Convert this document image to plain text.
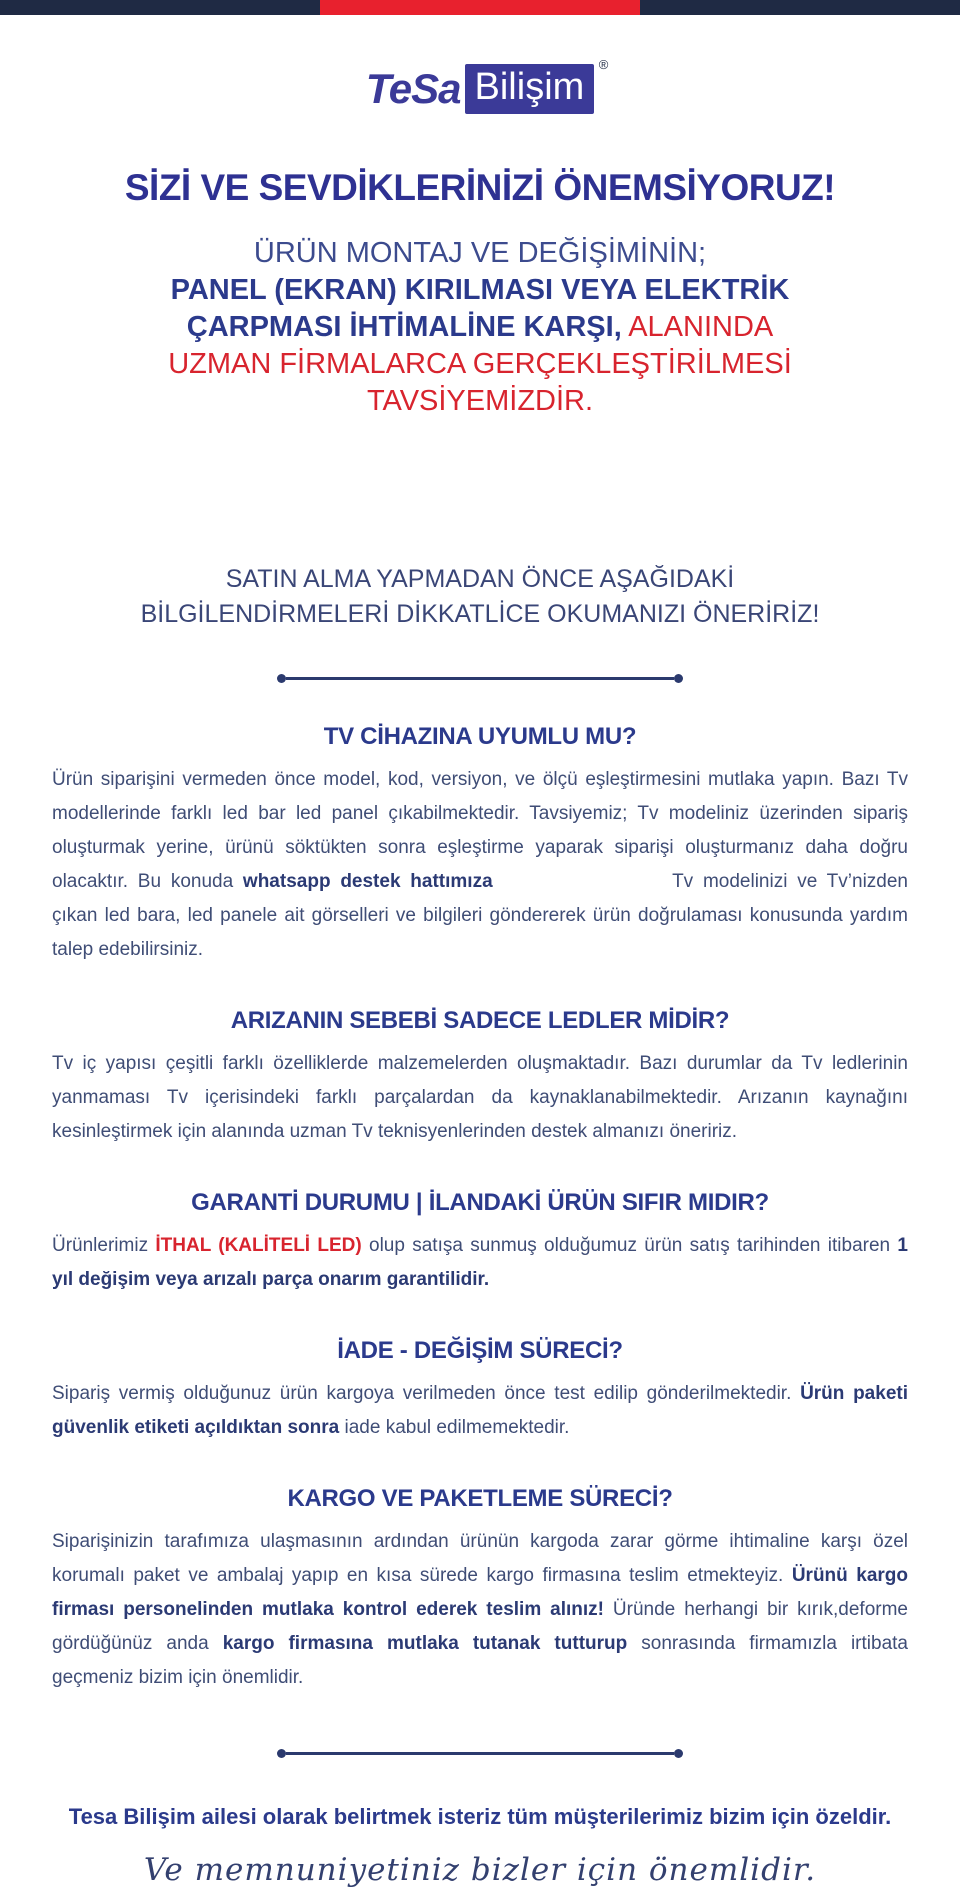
TeSa Bilişim
®
SİZİ VE SEVDİKLERİNİZİ ÖNEMSİYORUZ!
ÜRÜN MONTAJ VE DEĞİŞİMİNİN;
PANEL (EKRAN) KIRILMASI VEYA ELEKTRİK
ÇARPMASI İHTİMALİNE KARŞI, ALANINDA
UZMAN FİRMALARCA GERÇEKLEŞTİRİLMESİ
TAVSİYEMİZDİR.
SATIN ALMA YAPMADAN ÖNCE AŞAĞIDAKİ
BİLGİLENDİRMELERİ DİKKATLİCE OKUMANIZI ÖNERİRİZ!
TV CİHAZINA UYUMLU MU?
Ürün siparişini vermeden önce model, kod, versiyon, ve ölçü eşleştirmesini mutlaka yapın. Bazı Tv modellerinde farklı led bar led panel çıkabilmektedir. Tavsiyemiz; Tv modeliniz üzerinden sipariş oluşturmak yerine, ürünü söktükten sonra eşleştirme yaparak siparişi oluşturmanız daha doğru olacaktır. Bu konuda whatsapp destek hattımıza	Tv modelinizi ve Tv’nizden çıkan led bara, led panele ait görselleri ve bilgileri göndererek ürün doğrulaması konusunda yardım talep edebilirsiniz.
ARIZANIN SEBEBİ SADECE LEDLER MİDİR?
Tv iç yapısı çeşitli farklı özelliklerde malzemelerden oluşmaktadır. Bazı durumlar da Tv ledlerinin yanmaması Tv içerisindeki farklı parçalardan da kaynaklanabilmektedir. Arızanın kaynağını kesinleştirmek için alanında uzman Tv teknisyenlerinden destek almanızı öneririz.
GARANTİ DURUMU | İLANDAKİ ÜRÜN SIFIR MIDIR?
Ürünlerimiz İTHAL (KALİTELİ LED) olup satışa sunmuş olduğumuz ürün satış tarihinden itibaren 1 yıl değişim veya arızalı parça onarım garantilidir.
İADE - DEĞİŞİM SÜRECİ?
Sipariş vermiş olduğunuz ürün kargoya verilmeden önce test edilip gönderilmektedir. Ürün paketi güvenlik etiketi açıldıktan sonra iade kabul edilmemektedir.
KARGO VE PAKETLEME SÜRECİ?
Siparişinizin tarafımıza ulaşmasının ardından ürünün kargoda zarar görme ihtimaline karşı özel korumalı paket ve ambalaj yapıp en kısa sürede kargo firmasına teslim etmekteyiz. Ürünü kargo firması personelinden mutlaka kontrol ederek teslim alınız! Üründe herhangi bir kırık,deforme gördüğünüz anda kargo firmasına mutlaka tutanak tutturup sonrasında firmamızla irtibata geçmeniz bizim için önemlidir.
Tesa Bilişim ailesi olarak belirtmek isteriz tüm müşterilerimiz bizim için özeldir.
Ve memnuniyetiniz bizler için önemlidir.
